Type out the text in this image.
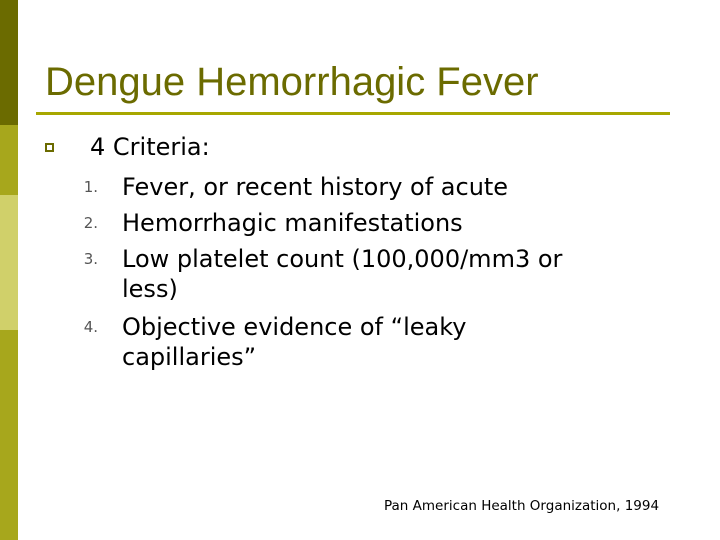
Dengue Hemorrhagic Fever
4 Criteria:
1. Fever, or recent history of acute
2. Hemorrhagic manifestations
3. Low platelet count (100,000/mm3 or
less)
4. Objective evidence of “leaky
capillaries”
Pan American Health Organization, 1994
